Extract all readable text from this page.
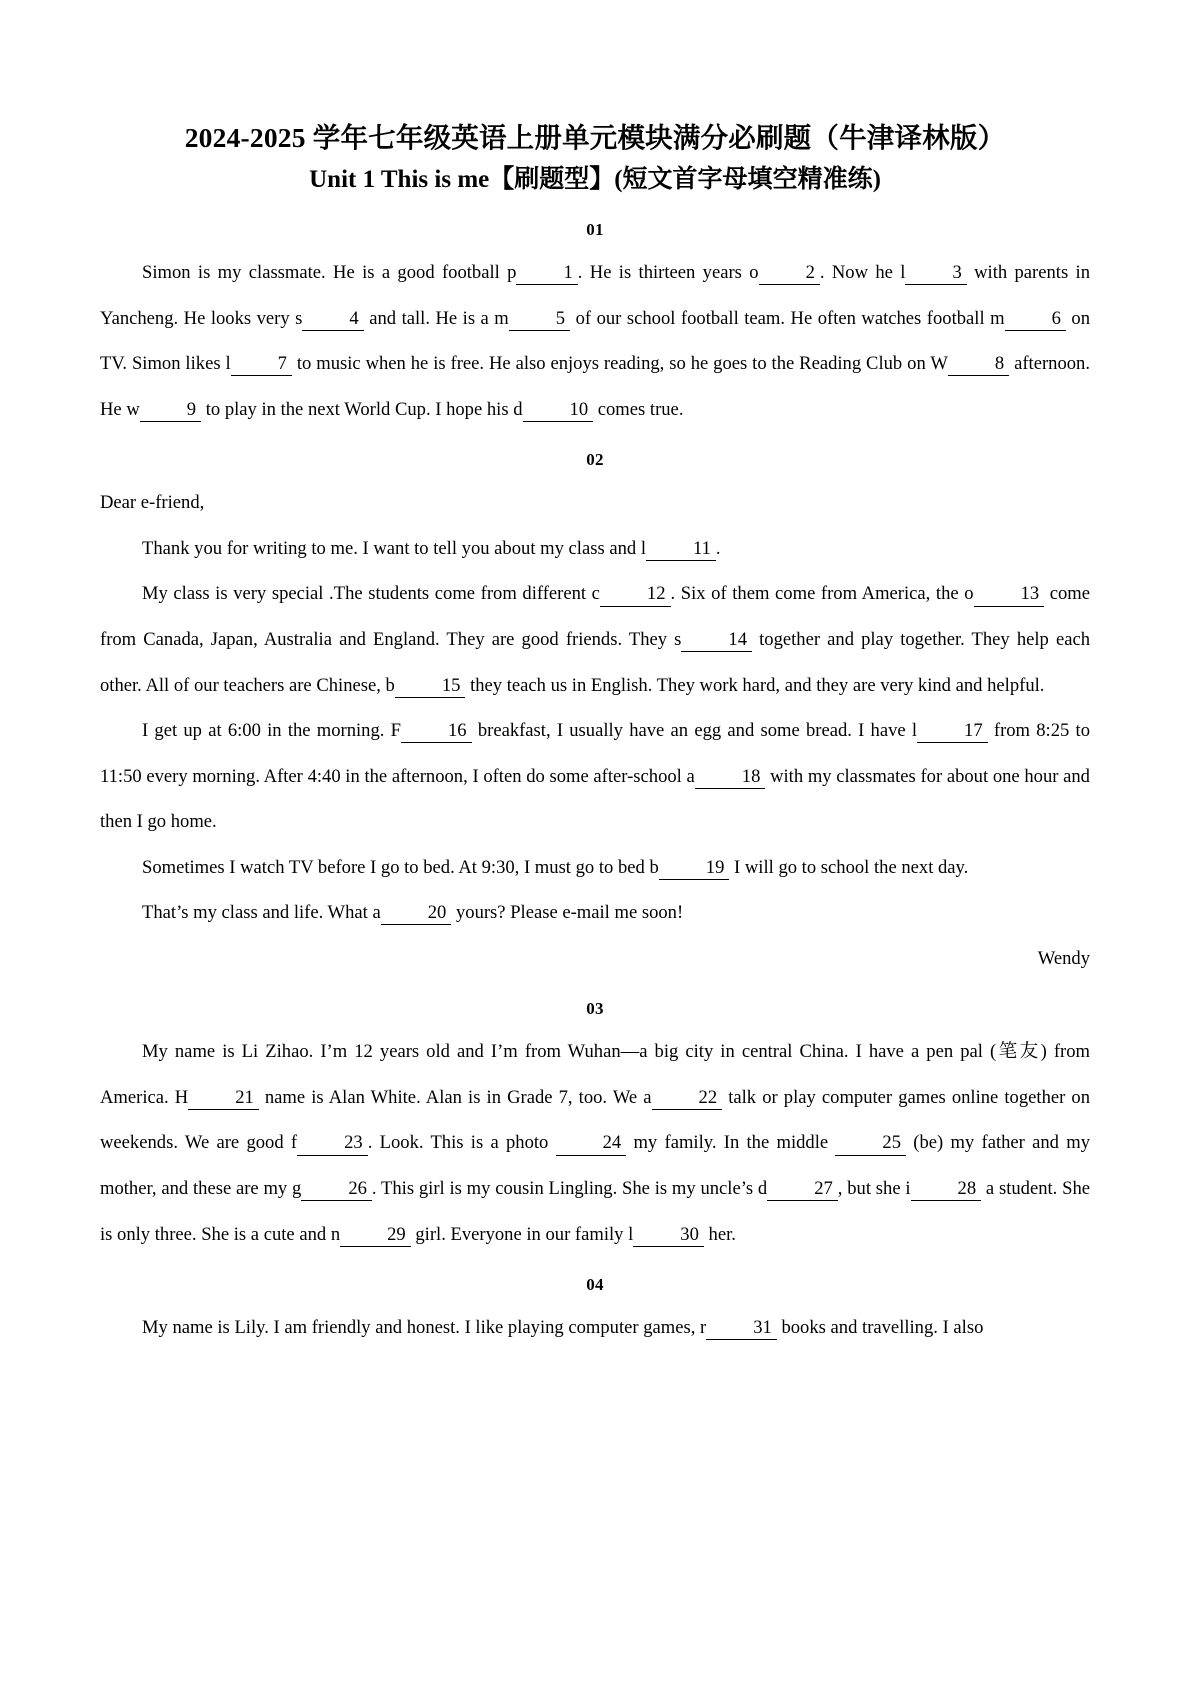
2024-2025 学年七年级英语上册单元模块满分必刷题（牛津译林版）
Unit 1 This is me【刷题型】(短文首字母填空精准练)
01

Simon is my classmate. He is a good football p	1 . He is thirteen years o	2 . Now he l	3 with parents in Yancheng. He looks very s	4 and tall. He is a m	5 of our school football team. He often watches football m	6 on TV. Simon likes l	7 to music when he is free. He also enjoys reading, so he goes to the Reading Club on W	8 afternoon. He w	9 to play in the next World Cup. I hope his d	10 comes true.

02

Dear e-friend,

Thank you for writing to me. I want to tell you about my class and l	11 .

My class is very special .The students come from different c	12 . Six of them come from America, the o	13 come from Canada, Japan, Australia and England. They are good friends. They s	14 together and play together. They help each other. All of our teachers are Chinese, b	15 they teach us in English. They work hard, and they are very kind and helpful.

I get up at 6:00 in the morning. F	16 breakfast, I usually have an egg and some bread. I have l	17 from 8:25 to 11:50 every morning. After 4:40 in the afternoon, I often do some after-school a	18 with my classmates for about one hour and then I go home.

Sometimes I watch TV before I go to bed. At 9:30, I must go to bed b	19 I will go to school the next day.

That’s my class and life. What a	20 yours? Please e-mail me soon!

Wendy

03

My name is Li Zihao. I’m 12 years old and I’m from Wuhan—a big city in central China. I have a pen pal (笔友) from America. H	21 name is Alan White. Alan is in Grade 7, too. We a	22 talk or play computer games online together on weekends. We are good f	23 . Look. This is a photo	24 my family. In the middle	25 (be) my father and my mother, and these are my g	26 . This girl is my cousin Lingling. She is my uncle’s d	27 , but she i	28 a student. She is only three. She is a cute and n	29 girl. Everyone in our family l	30 her.

04

My name is Lily. I am friendly and honest. I like playing computer games, r	31 books and travelling. I also
